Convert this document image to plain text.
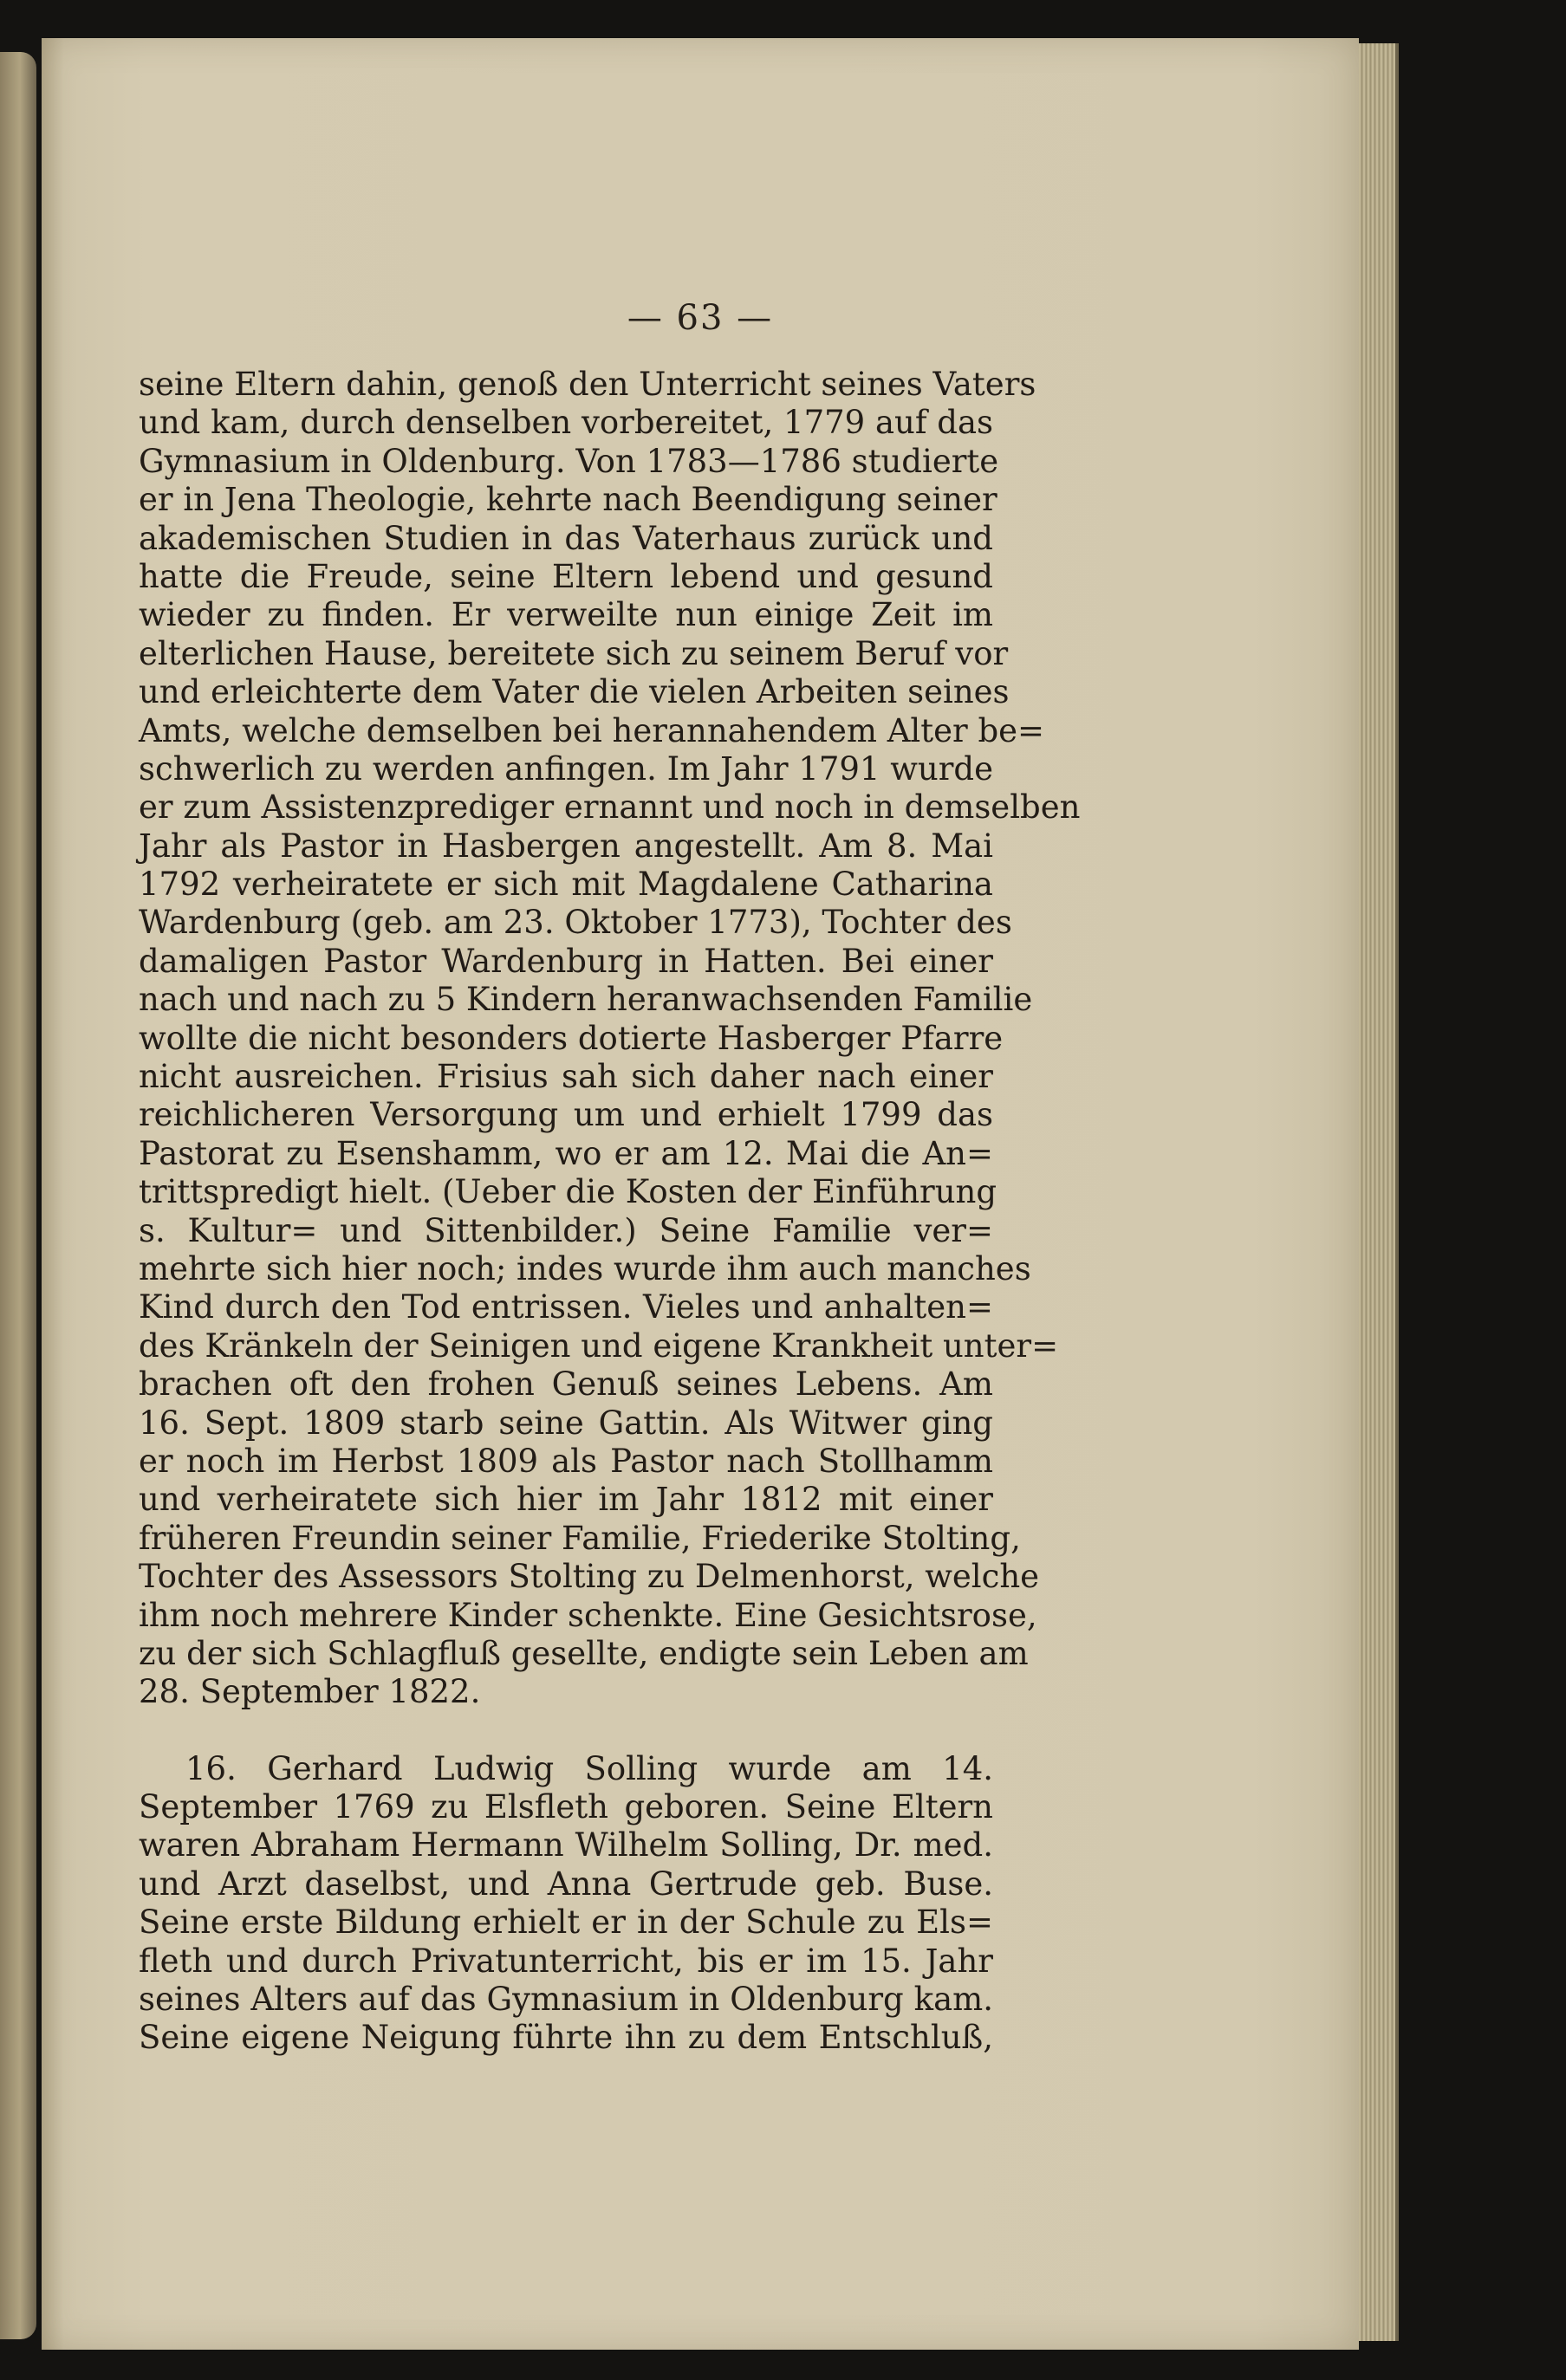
— 63 —
seine Eltern dahin, genoß den Unterricht seines Vaters
und kam, durch denselben vorbereitet, 1779 auf das
Gymnasium in Oldenburg. Von 1783—1786 studierte
er in Jena Theologie, kehrte nach Beendigung seiner
akademischen Studien in das Vaterhaus zurück und
hatte die Freude, seine Eltern lebend und gesund
wieder zu finden. Er verweilte nun einige Zeit im
elterlichen Hause, bereitete sich zu seinem Beruf vor
und erleichterte dem Vater die vielen Arbeiten seines
Amts, welche demselben bei herannahendem Alter be=
schwerlich zu werden anfingen. Im Jahr 1791 wurde
er zum Assistenzprediger ernannt und noch in demselben
Jahr als Pastor in Hasbergen angestellt. Am 8. Mai
1792 verheiratete er sich mit Magdalene Catharina
Wardenburg (geb. am 23. Oktober 1773), Tochter des
damaligen Pastor Wardenburg in Hatten. Bei einer
nach und nach zu 5 Kindern heranwachsenden Familie
wollte die nicht besonders dotierte Hasberger Pfarre
nicht ausreichen. Frisius sah sich daher nach einer
reichlicheren Versorgung um und erhielt 1799 das
Pastorat zu Esenshamm, wo er am 12. Mai die An=
trittspredigt hielt. (Ueber die Kosten der Einführung
s. Kultur= und Sittenbilder.) Seine Familie ver=
mehrte sich hier noch; indes wurde ihm auch manches
Kind durch den Tod entrissen. Vieles und anhalten=
des Kränkeln der Seinigen und eigene Krankheit unter=
brachen oft den frohen Genuß seines Lebens. Am
16. Sept. 1809 starb seine Gattin. Als Witwer ging
er noch im Herbst 1809 als Pastor nach Stollhamm
und verheiratete sich hier im Jahr 1812 mit einer
früheren Freundin seiner Familie, Friederike Stolting,
Tochter des Assessors Stolting zu Delmenhorst, welche
ihm noch mehrere Kinder schenkte. Eine Gesichtsrose,
zu der sich Schlagfluß gesellte, endigte sein Leben am
28. September 1822.
16. Gerhard Ludwig Solling wurde am 14.
September 1769 zu Elsfleth geboren. Seine Eltern
waren Abraham Hermann Wilhelm Solling, Dr. med.
und Arzt daselbst, und Anna Gertrude geb. Buse.
Seine erste Bildung erhielt er in der Schule zu Els=
fleth und durch Privatunterricht, bis er im 15. Jahr
seines Alters auf das Gymnasium in Oldenburg kam.
Seine eigene Neigung führte ihn zu dem Entschluß,
